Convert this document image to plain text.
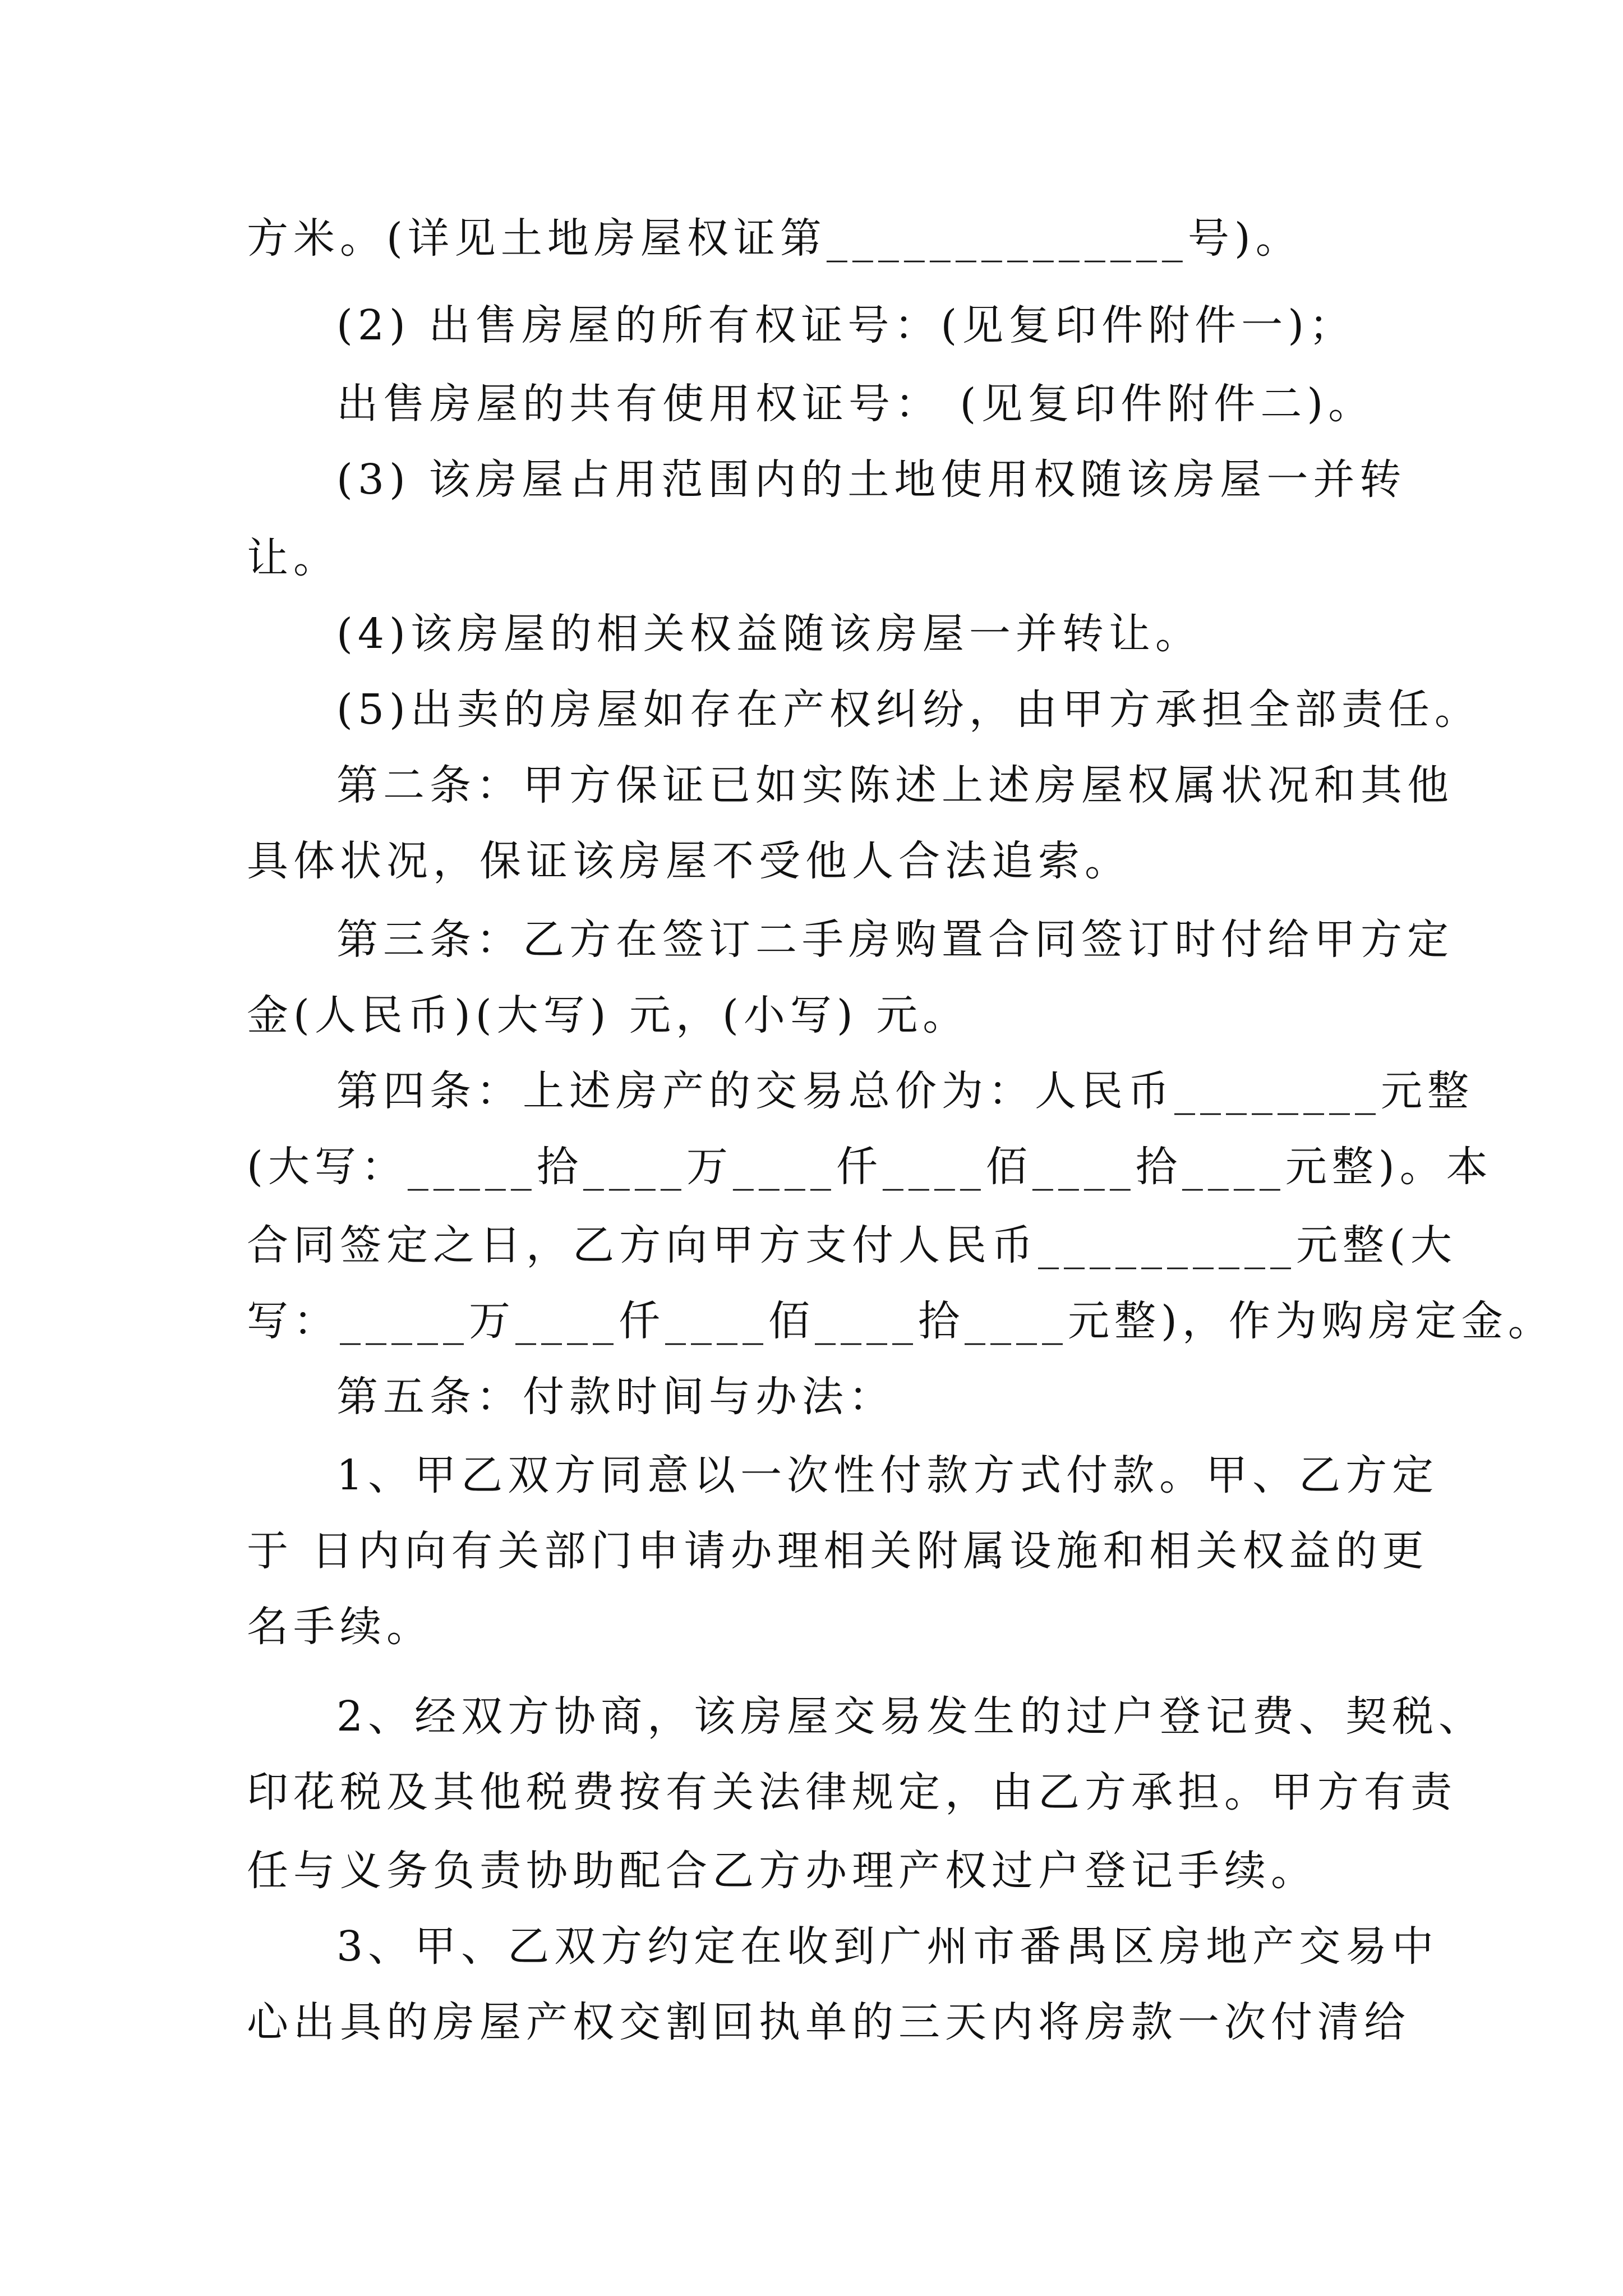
方米。(详见土地房屋权证第______________号)。
(2) 出售房屋的所有权证号：(见复印件附件一)；
出售房屋的共有使用权证号： (见复印件附件二)。
(3) 该房屋占用范围内的土地使用权随该房屋一并转
让。
(4)该房屋的相关权益随该房屋一并转让。
(5)出卖的房屋如存在产权纠纷，由甲方承担全部责任。
第二条：甲方保证已如实陈述上述房屋权属状况和其他
具体状况，保证该房屋不受他人合法追索。
第三条：乙方在签订二手房购置合同签订时付给甲方定
金(人民币)(大写) 元，(小写) 元。
第四条：上述房产的交易总价为：人民币________元整
(大写：_____拾____万____仟____佰____拾____元整)。本
合同签定之日，乙方向甲方支付人民币__________元整(大
写：_____万____仟____佰____拾____元整)，作为购房定金。
第五条：付款时间与办法：
1、甲乙双方同意以一次性付款方式付款。甲、乙方定
于 日内向有关部门申请办理相关附属设施和相关权益的更
名手续。
2、经双方协商，该房屋交易发生的过户登记费、契税、
印花税及其他税费按有关法律规定，由乙方承担。甲方有责
任与义务负责协助配合乙方办理产权过户登记手续。
3、甲、乙双方约定在收到广州市番禺区房地产交易中
心出具的房屋产权交割回执单的三天内将房款一次付清给
